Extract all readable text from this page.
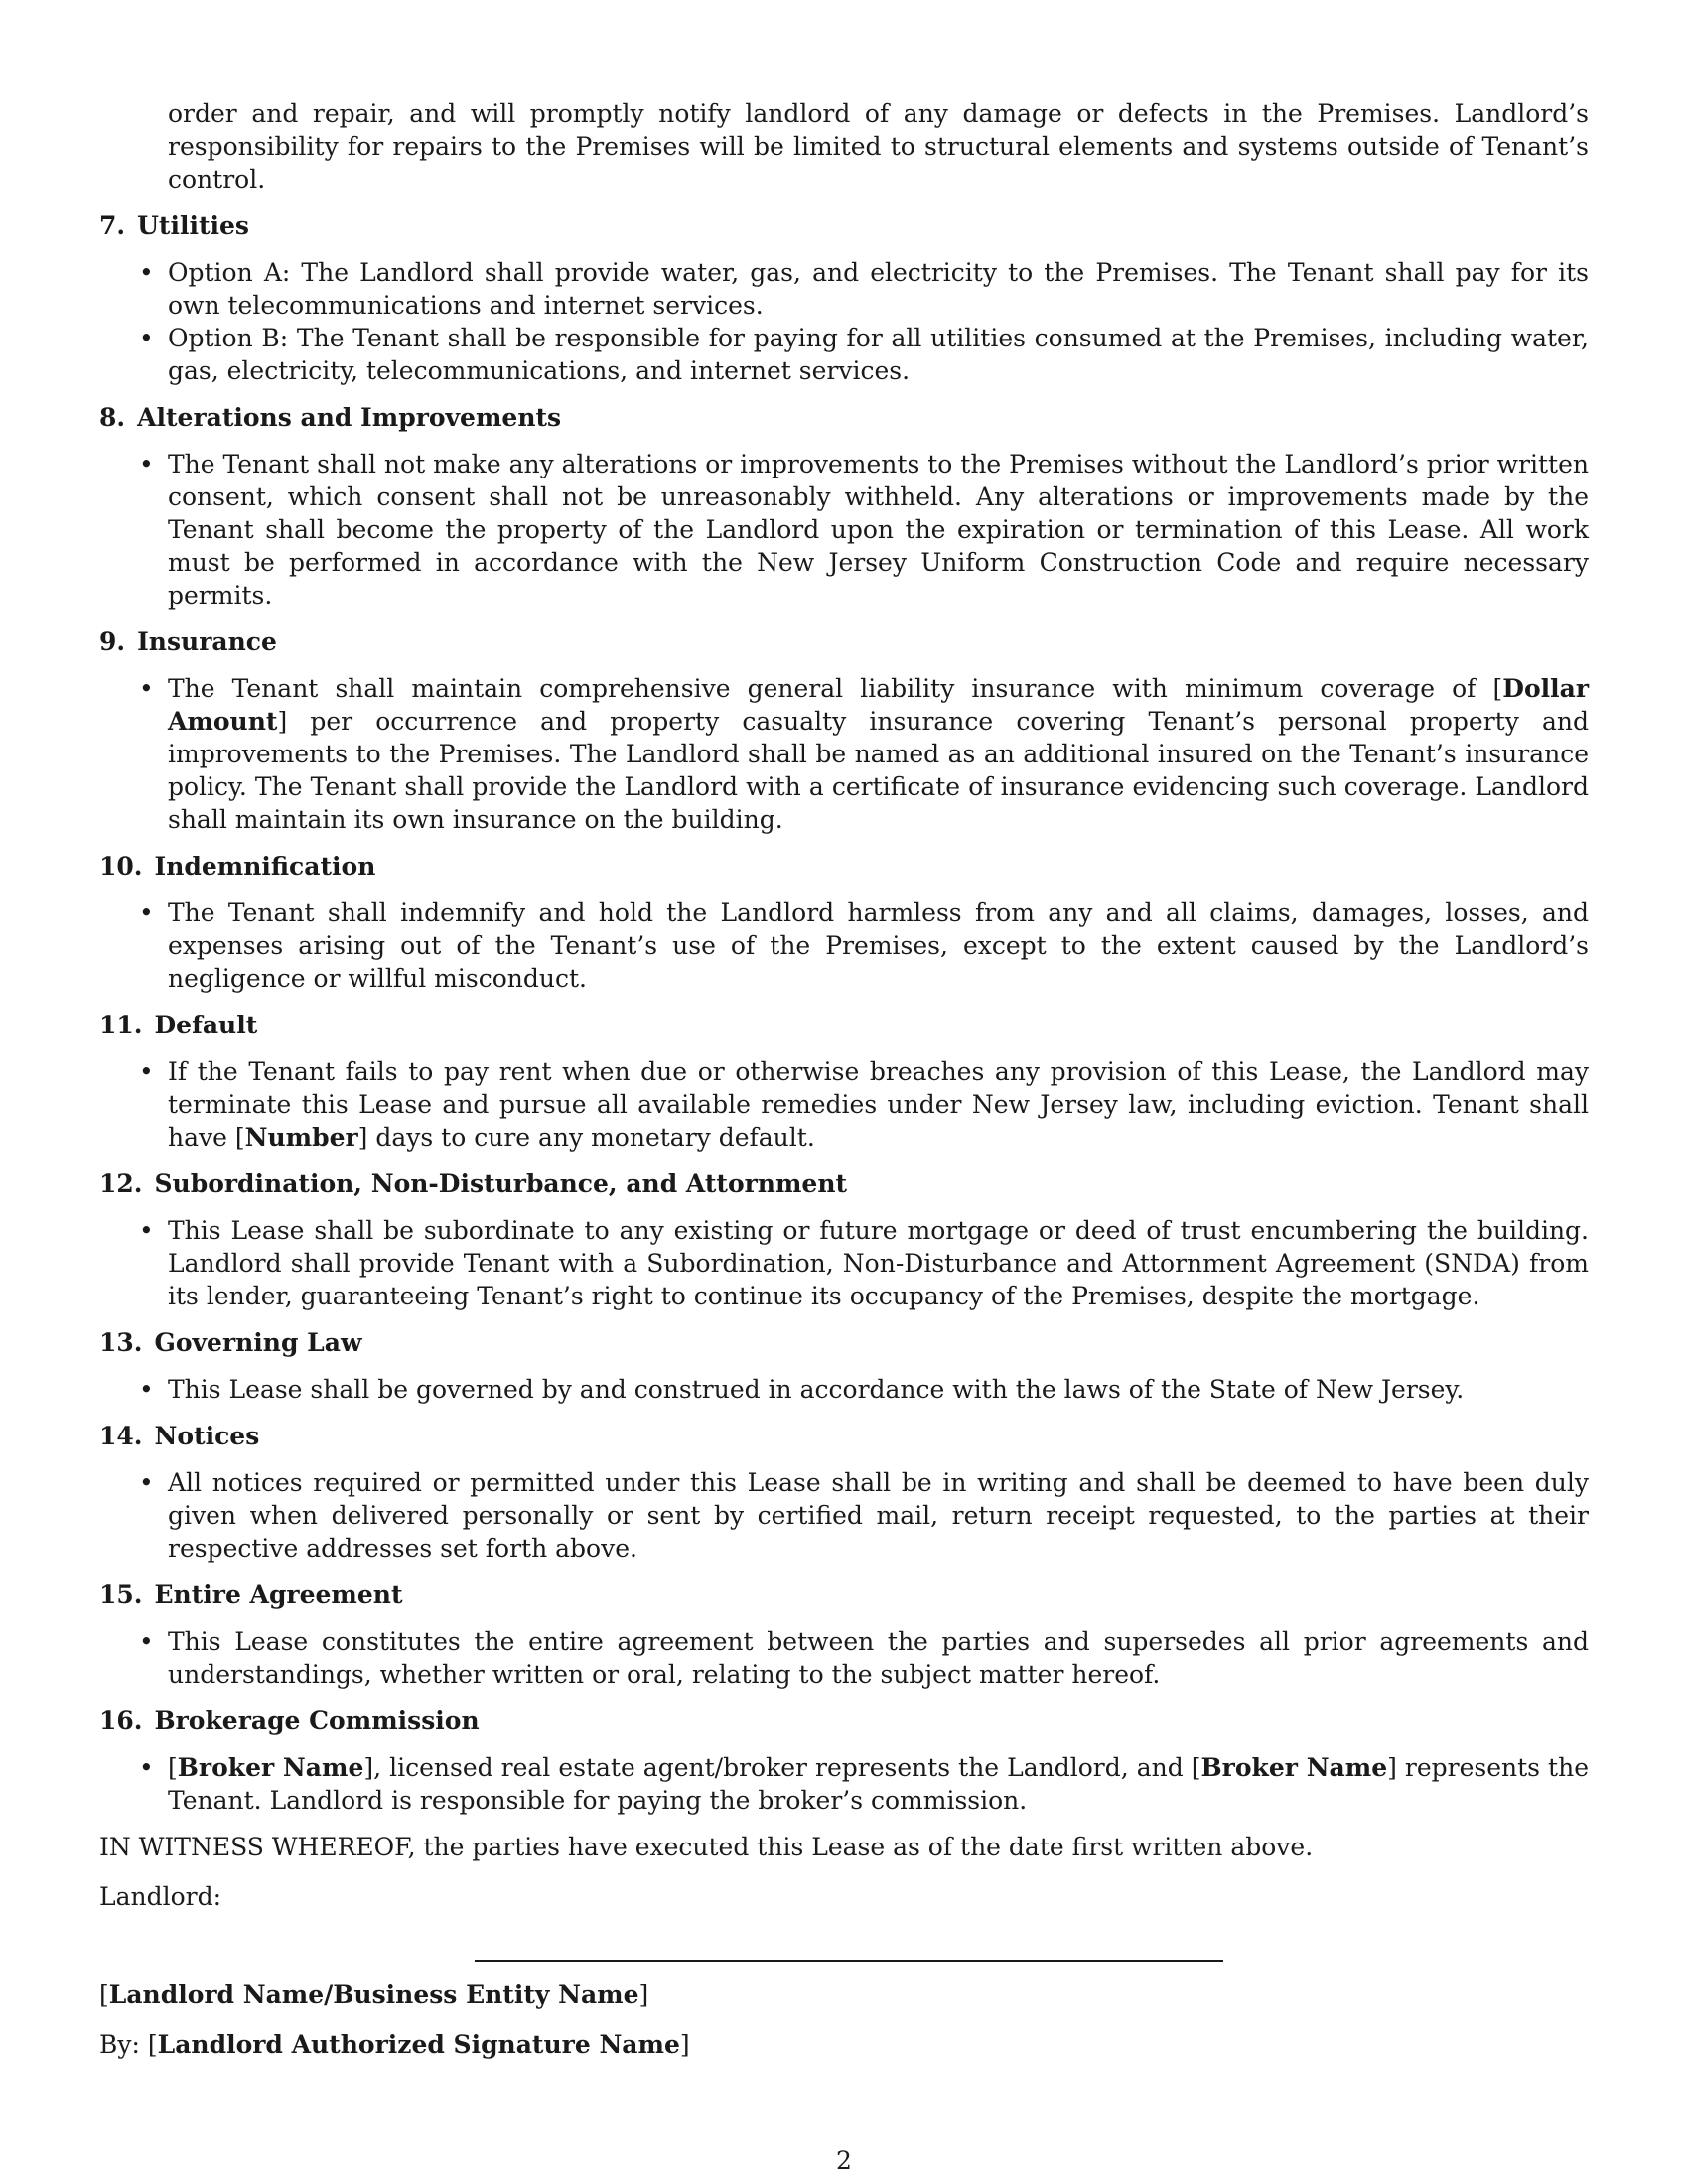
order and repair, and will promptly notify landlord of any damage or defects in the Premises. Landlord’s responsibility for repairs to the Premises will be limited to structural elements and systems outside of Tenant’s control.

7. Utilities
• Option A: The Landlord shall provide water, gas, and electricity to the Premises. The Tenant shall pay for its own telecommunications and internet services.
• Option B: The Tenant shall be responsible for paying for all utilities consumed at the Premises, including water, gas, electricity, telecommunications, and internet services.
8. Alterations and Improvements
• The Tenant shall not make any alterations or improvements to the Premises without the Landlord’s prior written consent, which consent shall not be unreasonably withheld. Any alterations or improvements made by the Tenant shall become the property of the Landlord upon the expiration or termination of this Lease. All work must be performed in accordance with the New Jersey Uniform Construction Code and require necessary permits.
9. Insurance
• The Tenant shall maintain comprehensive general liability insurance with minimum coverage of [Dollar Amount] per occurrence and property casualty insurance covering Tenant’s personal property and improvements to the Premises. The Landlord shall be named as an additional insured on the Tenant’s insurance policy. The Tenant shall provide the Landlord with a certificate of insurance evidencing such coverage. Landlord shall maintain its own insurance on the building.
10. Indemnification
• The Tenant shall indemnify and hold the Landlord harmless from any and all claims, damages, losses, and expenses arising out of the Tenant’s use of the Premises, except to the extent caused by the Landlord’s negligence or willful misconduct.
11. Default
• If the Tenant fails to pay rent when due or otherwise breaches any provision of this Lease, the Landlord may terminate this Lease and pursue all available remedies under New Jersey law, including eviction. Tenant shall have [Number] days to cure any monetary default.
12. Subordination, Non-Disturbance, and Attornment
• This Lease shall be subordinate to any existing or future mortgage or deed of trust encumbering the building. Landlord shall provide Tenant with a Subordination, Non-Disturbance and Attornment Agreement (SNDA) from its lender, guaranteeing Tenant’s right to continue its occupancy of the Premises, despite the mortgage.
13. Governing Law
• This Lease shall be governed by and construed in accordance with the laws of the State of New Jersey.
14. Notices
• All notices required or permitted under this Lease shall be in writing and shall be deemed to have been duly given when delivered personally or sent by certified mail, return receipt requested, to the parties at their respective addresses set forth above.
15. Entire Agreement
• This Lease constitutes the entire agreement between the parties and supersedes all prior agreements and understandings, whether written or oral, relating to the subject matter hereof.
16. Brokerage Commission
• [Broker Name], licensed real estate agent/broker represents the Landlord, and [Broker Name] represents the Tenant. Landlord is responsible for paying the broker’s commission.
IN WITNESS WHEREOF, the parties have executed this Lease as of the date first written above.
Landlord:
[Landlord Name/Business Entity Name]
By: [Landlord Authorized Signature Name]
2
